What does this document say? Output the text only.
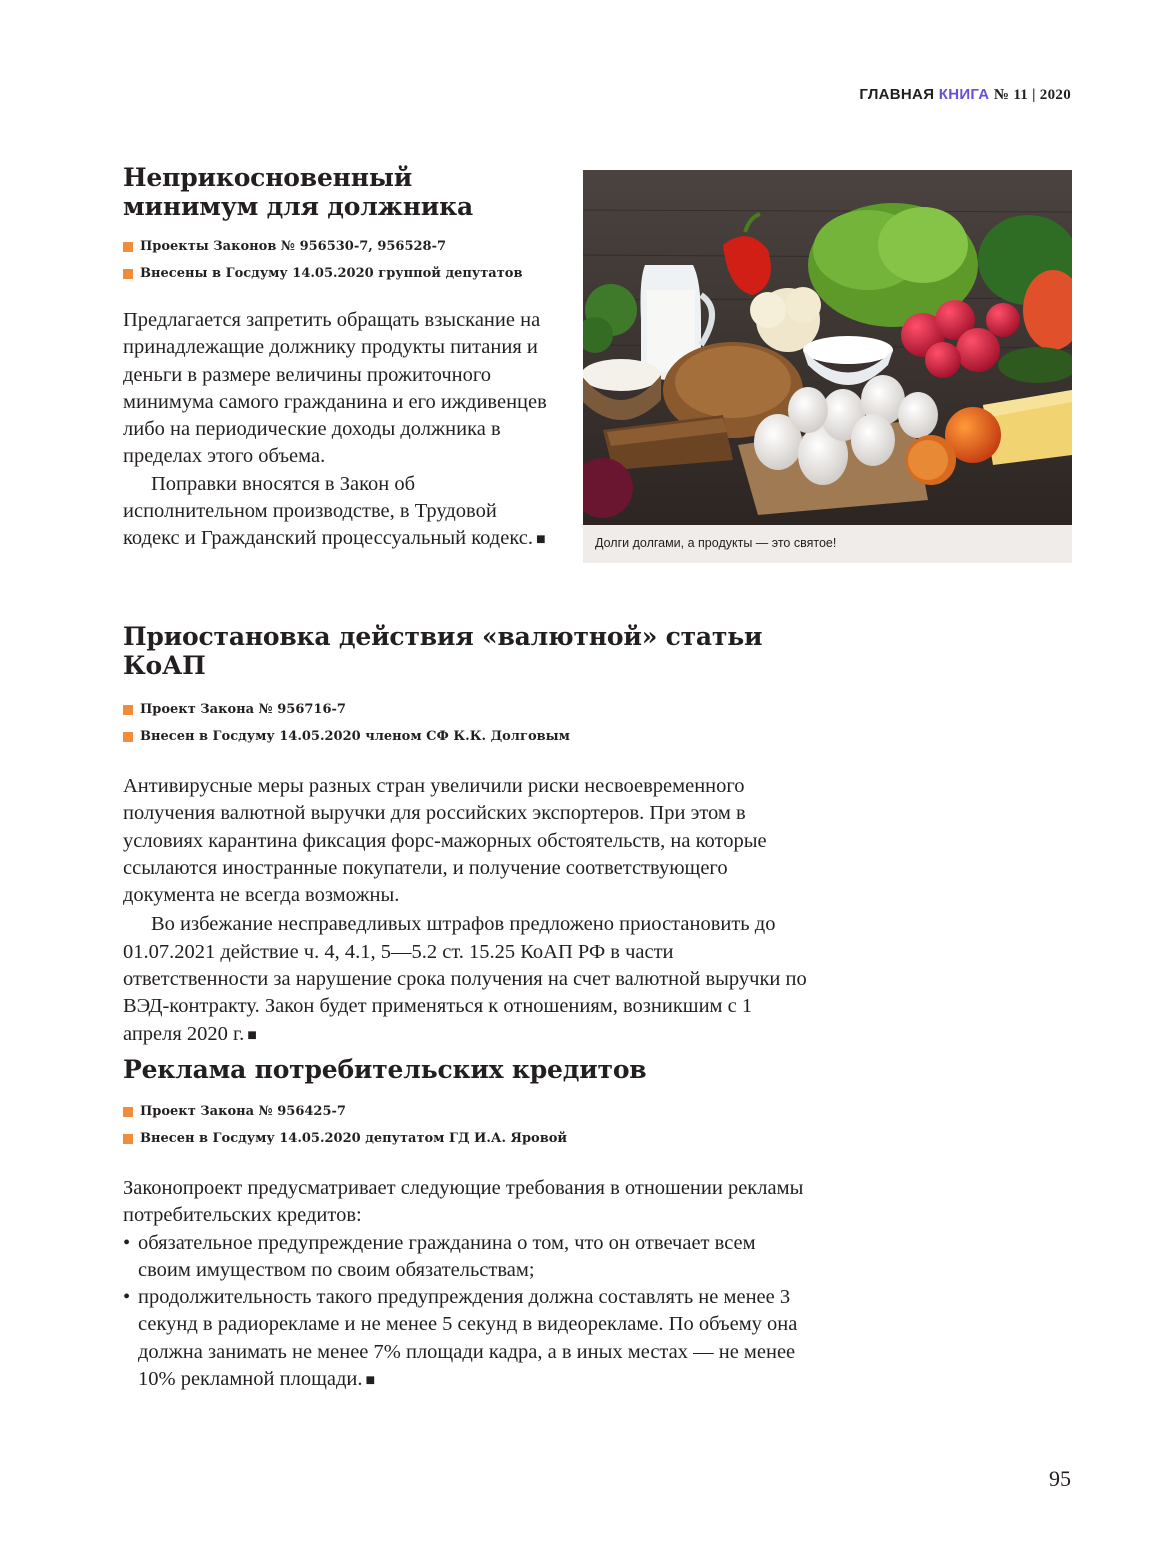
ГЛАВНАЯ КНИГА № 11 | 2020
Неприкосновенный минимум для должника
Проекты Законов № 956530-7, 956528-7
Внесены в Госдуму 14.05.2020 группой депутатов

Предлагается запретить обращать взыскание на принадлежащие должнику продукты питания и деньги в размере величины прожиточного минимума самого гражданина и его иждивенцев либо на периодические доходы должника в пределах этого объема.

Поправки вносятся в Закон об исполнительном производстве, в Трудовой кодекс и Гражданский процессуальный кодекс. ■	Долги долгами, а продукты — это святое!
Приостановка действия «валютной» статьи КоАП
Проект Закона № 956716-7
Внесен в Госдуму 14.05.2020 членом СФ К.К. Долговым

Антивирусные меры разных стран увеличили риски несвоевременного получения валютной выручки для российских экспортеров. При этом в условиях карантина фиксация форс-мажорных обстоятельств, на которые ссылаются иностранные покупатели, и получение соответствующего документа не всегда возможны.

Во избежание несправедливых штрафов предложено приостановить до 01.07.2021 действие ч. 4, 4.1, 5—5.2 ст. 15.25 КоАП РФ в части ответственности за нарушение срока получения на счет валютной выручки по ВЭД-контракту. Закон будет применяться к отношениям, возникшим с 1 апреля 2020 г. ■

Реклама потребительских кредитов
Проект Закона № 956425-7
Внесен в Госдуму 14.05.2020 депутатом ГД И.А. Яровой

Законопроект предусматривает следующие требования в отношении рекламы потребительских кредитов:

• обязательное предупреждение гражданина о том, что он отвечает всем своим имуществом по своим обязательствам;
• продолжительность такого предупреждения должна составлять не менее 3 секунд в радиорекламе и не менее 5 секунд в видеорекламе. По объему она должна занимать не менее 7% площади кадра, а в иных местах — не менее 10% рекламной площади. ■
95
